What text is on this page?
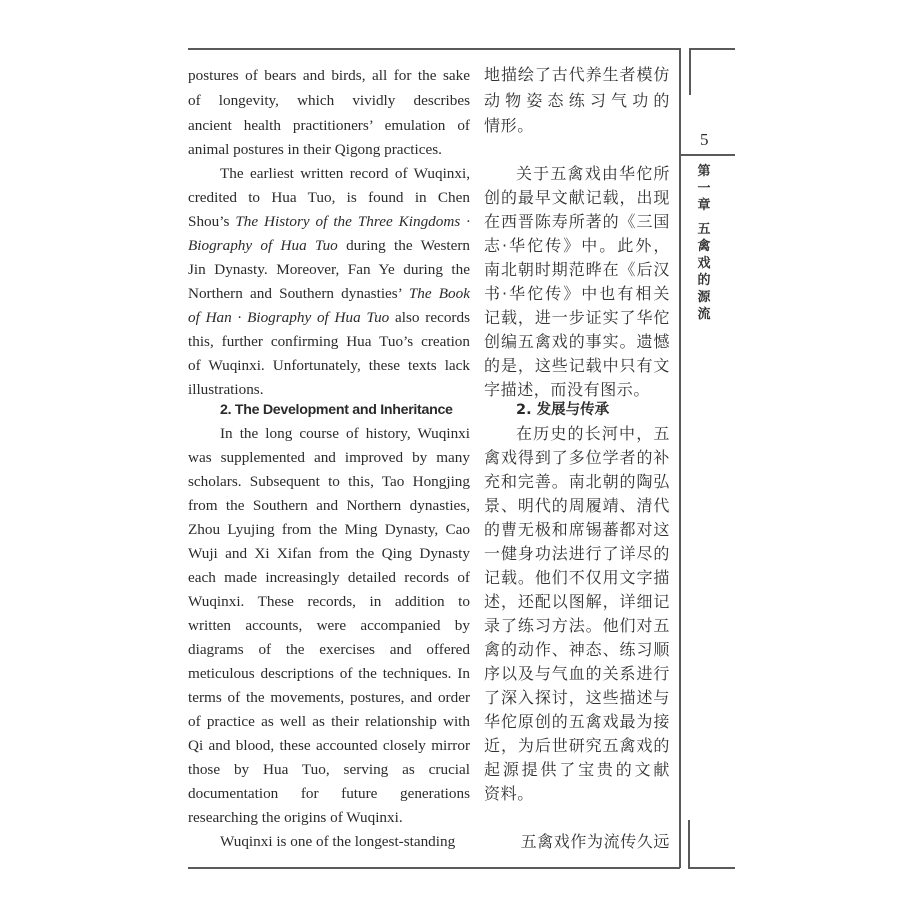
5
第
一
章
五
禽
戏
的
源
流
postures of bears and birds, all for the sake
of longevity, which vividly describes
ancient health practitioners’ emulation of
animal postures in their Qigong practices.
The earliest written record of Wuqinxi,
credited to Hua Tuo, is found in Chen
Shou’s The History of the Three Kingdoms ·
Biography of Hua Tuo during the Western
Jin Dynasty. Moreover, Fan Ye during the
Northern and Southern dynasties’ The Book
of Han · Biography of Hua Tuo also records
this, further confirming Hua Tuo’s creation
of Wuqinxi. Unfortunately, these texts lack
illustrations.
2. The Development and Inheritance
In the long course of history, Wuqinxi
was supplemented and improved by many
scholars. Subsequent to this, Tao Hongjing
from the Southern and Northern dynasties,
Zhou Lyujing from the Ming Dynasty, Cao
Wuji and Xi Xifan from the Qing Dynasty
each made increasingly detailed records of
Wuqinxi. These records, in addition to
written accounts, were accompanied by
diagrams of the exercises and offered
meticulous descriptions of the techniques. In
terms of the movements, postures, and order
of practice as well as their relationship with
Qi and blood, these accounted closely mirror
those by Hua Tuo, serving as crucial
documentation for future generations
researching the origins of Wuqinxi.
Wuqinxi is one of the longest-standing
地描绘了古代养生者模仿
动物姿态练习气功的
情形。
关于五禽戏由华佗所
创的最早文献记载，出现
在西晋陈寿所著的《三国
志·华佗传》中。此外，
南北朝时期范晔在《后汉
书·华佗传》中也有相关
记载，进一步证实了华佗
创编五禽戏的事实。遗憾
的是，这些记载中只有文
字描述，而没有图示。
2. 发展与传承
在历史的长河中，五
禽戏得到了多位学者的补
充和完善。南北朝的陶弘
景、明代的周履靖、清代
的曹无极和席锡蕃都对这
一健身功法进行了详尽的
记载。他们不仅用文字描
述，还配以图解，详细记
录了练习方法。他们对五
禽的动作、神态、练习顺
序以及与气血的关系进行
了深入探讨，这些描述与
华佗原创的五禽戏最为接
近，为后世研究五禽戏的
起源提供了宝贵的文献
资料。
五禽戏作为流传久远
